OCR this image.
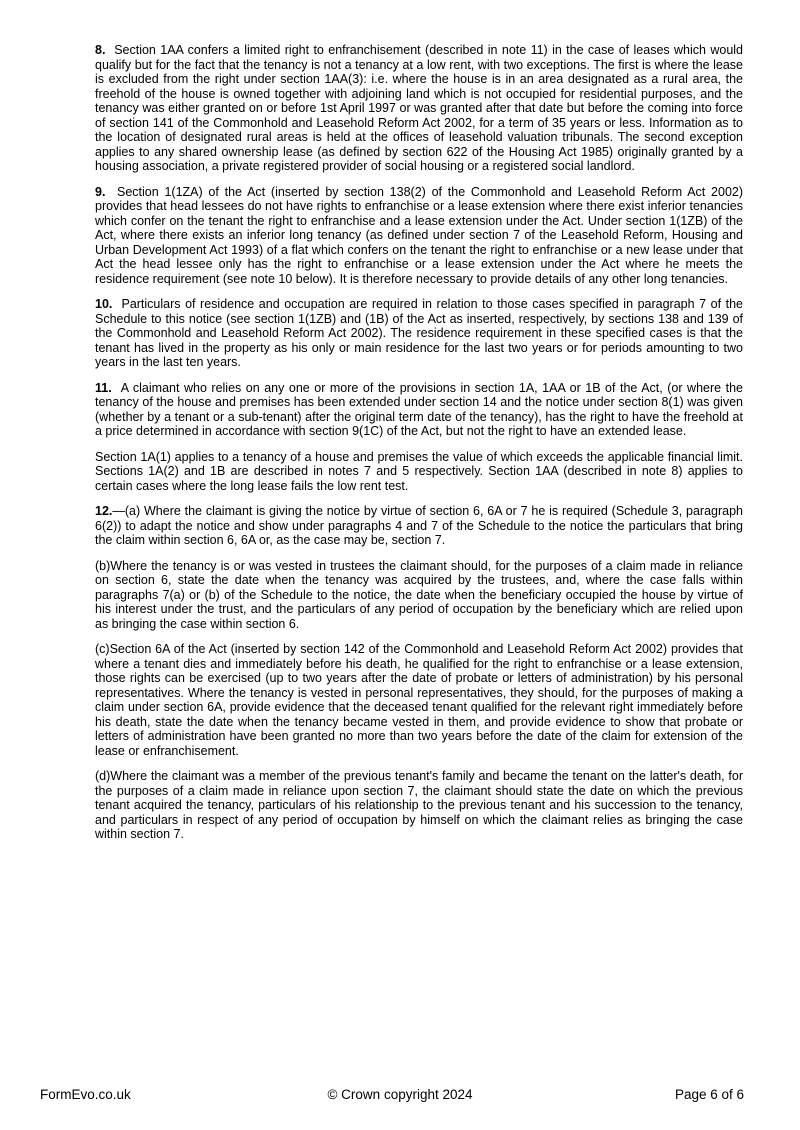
8.  Section 1AA confers a limited right to enfranchisement (described in note 11) in the case of leases which would qualify but for the fact that the tenancy is not a tenancy at a low rent, with two exceptions. The first is where the lease is excluded from the right under section 1AA(3): i.e. where the house is in an area designated as a rural area, the freehold of the house is owned together with adjoining land which is not occupied for residential purposes, and the tenancy was either granted on or before 1st April 1997 or was granted after that date but before the coming into force of section 141 of the Commonhold and Leasehold Reform Act 2002, for a term of 35 years or less. Information as to the location of designated rural areas is held at the offices of leasehold valuation tribunals. The second exception applies to any shared ownership lease (as defined by section 622 of the Housing Act 1985) originally granted by a housing association, a private registered provider of social housing or a registered social landlord.

9.  Section 1(1ZA) of the Act (inserted by section 138(2) of the Commonhold and Leasehold Reform Act 2002) provides that head lessees do not have rights to enfranchise or a lease extension where there exist inferior tenancies which confer on the tenant the right to enfranchise and a lease extension under the Act. Under section 1(1ZB) of the Act, where there exists an inferior long tenancy (as defined under section 7 of the Leasehold Reform, Housing and Urban Development Act 1993) of a flat which confers on the tenant the right to enfranchise or a new lease under that Act the head lessee only has the right to enfranchise or a lease extension under the Act where he meets the residence requirement (see note 10 below). It is therefore necessary to provide details of any other long tenancies.

10.  Particulars of residence and occupation are required in relation to those cases specified in paragraph 7 of the Schedule to this notice (see section 1(1ZB) and (1B) of the Act as inserted, respectively, by sections 138 and 139 of the Commonhold and Leasehold Reform Act 2002). The residence requirement in these specified cases is that the tenant has lived in the property as his only or main residence for the last two years or for periods amounting to two years in the last ten years.

11.  A claimant who relies on any one or more of the provisions in section 1A, 1AA or 1B of the Act, (or where the tenancy of the house and premises has been extended under section 14 and the notice under section 8(1) was given (whether by a tenant or a sub-tenant) after the original term date of the tenancy), has the right to have the freehold at a price determined in accordance with section 9(1C) of the Act, but not the right to have an extended lease.

Section 1A(1) applies to a tenancy of a house and premises the value of which exceeds the applicable financial limit. Sections 1A(2) and 1B are described in notes 7 and 5 respectively. Section 1AA (described in note 8) applies to certain cases where the long lease fails the low rent test.

12.—(a) Where the claimant is giving the notice by virtue of section 6, 6A or 7 he is required (Schedule 3, paragraph 6(2)) to adapt the notice and show under paragraphs 4 and 7 of the Schedule to the notice the particulars that bring the claim within section 6, 6A or, as the case may be, section 7.

(b)Where the tenancy is or was vested in trustees the claimant should, for the purposes of a claim made in reliance on section 6, state the date when the tenancy was acquired by the trustees, and, where the case falls within paragraphs 7(a) or (b) of the Schedule to the notice, the date when the beneficiary occupied the house by virtue of his interest under the trust, and the particulars of any period of occupation by the beneficiary which are relied upon as bringing the case within section 6.

(c)Section 6A of the Act (inserted by section 142 of the Commonhold and Leasehold Reform Act 2002) provides that where a tenant dies and immediately before his death, he qualified for the right to enfranchise or a lease extension, those rights can be exercised (up to two years after the date of probate or letters of administration) by his personal representatives. Where the tenancy is vested in personal representatives, they should, for the purposes of making a claim under section 6A, provide evidence that the deceased tenant qualified for the relevant right immediately before his death, state the date when the tenancy became vested in them, and provide evidence to show that probate or letters of administration have been granted no more than two years before the date of the claim for extension of the lease or enfranchisement.

(d)Where the claimant was a member of the previous tenant's family and became the tenant on the latter's death, for the purposes of a claim made in reliance upon section 7, the claimant should state the date on which the previous tenant acquired the tenancy, particulars of his relationship to the previous tenant and his succession to the tenancy, and particulars in respect of any period of occupation by himself on which the claimant relies as bringing the case within section 7.

© Crown copyright 2024
FormEvo.co.uk	Page 6 of 6
